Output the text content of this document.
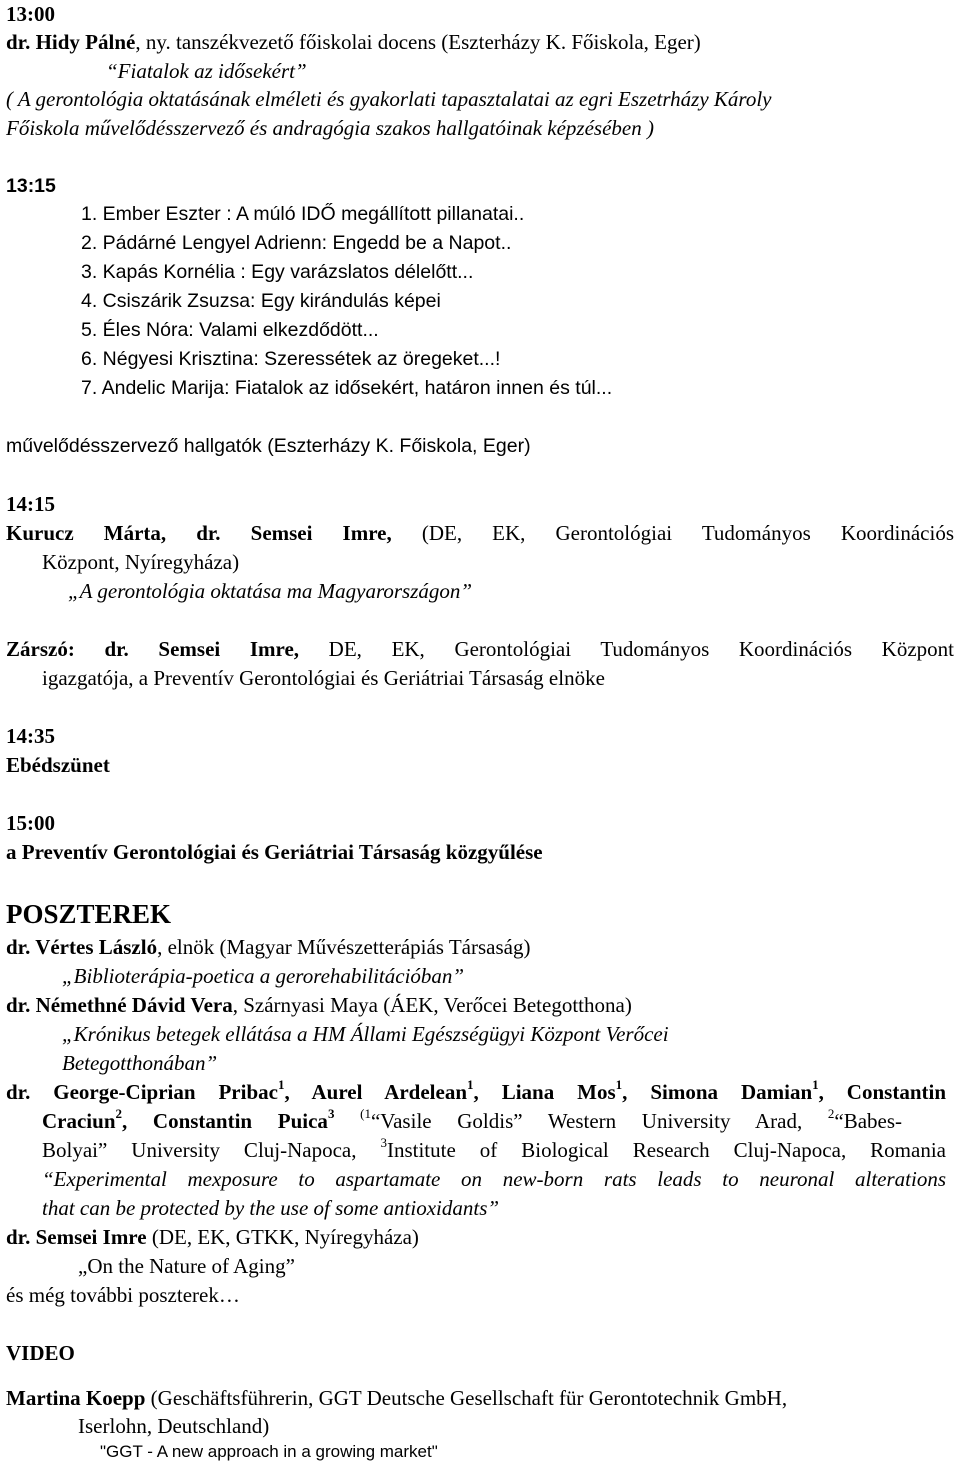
13:00
dr. Hidy Pálné, ny. tanszékvezető főiskolai docens (Eszterházy K. Főiskola, Eger)
“Fiatalok az idősekért”
( A gerontológia oktatásának elméleti és gyakorlati tapasztalatai az egri Eszetrházy Károly
Főiskola művelődésszervező és andragógia szakos hallgatóinak képzésében )
13:15
1. Ember Eszter : A múló IDŐ megállított pillanatai..
2. Pádárné Lengyel Adrienn: Engedd be a Napot..
3. Kapás Kornélia : Egy varázslatos délelőtt...
4. Csiszárik Zsuzsa: Egy kirándulás képei
5. Éles Nóra: Valami elkezdődött...
6. Négyesi Krisztina: Szeressétek az öregeket...!
7. Andelic Marija: Fiatalok az idősekért, határon innen és túl...
művelődésszervező hallgatók (Eszterházy K. Főiskola, Eger)
14:15
Kurucz Márta, dr. Semsei Imre, (DE, EK, Gerontológiai Tudományos Koordinációs
Központ, Nyíregyháza)
„A gerontológia oktatása ma Magyarországon”
Zárszó: dr. Semsei Imre, DE, EK, Gerontológiai Tudományos Koordinációs Központ
igazgatója, a Preventív Gerontológiai és Geriátriai Társaság elnöke
14:35
Ebédszünet
15:00
a Preventív Gerontológiai és Geriátriai Társaság közgyűlése
POSZTEREK
dr. Vértes László, elnök (Magyar Művészetterápiás Társaság)
„Biblioterápia-poetica a gerorehabilitációban”
dr. Némethné Dávid Vera, Szárnyasi Maya (ÁEK, Verőcei Betegotthona)
„Krónikus betegek ellátása a HM Állami Egészségügyi Központ Verőcei
Betegotthonában”
dr. George-Ciprian Pribac$^1$, Aurel Ardelean$^1$, Liana Mos$^1$, Simona Damian$^1$, Constantin
Craciun$^2$, Constantin Puica$^3$ $^{(1}$“Vasile Goldis” Western University Arad, $^2$“Babes-
Bolyai” University Cluj-Napoca, $^3$Institute of Biological Research Cluj-Napoca, Romania
“Experimental mexposure to aspartamate on new-born rats leads to neuronal alterations
that can be protected by the use of some antioxidants”
dr. Semsei Imre (DE, EK, GTKK, Nyíregyháza)
„On the Nature of Aging”
és még további poszterek…
VIDEO
Martina Koepp (Geschäftsführerin, GGT Deutsche Gesellschaft für Gerontotechnik GmbH,
Iserlohn, Deutschland)
"GGT - A new approach in a growing market"
